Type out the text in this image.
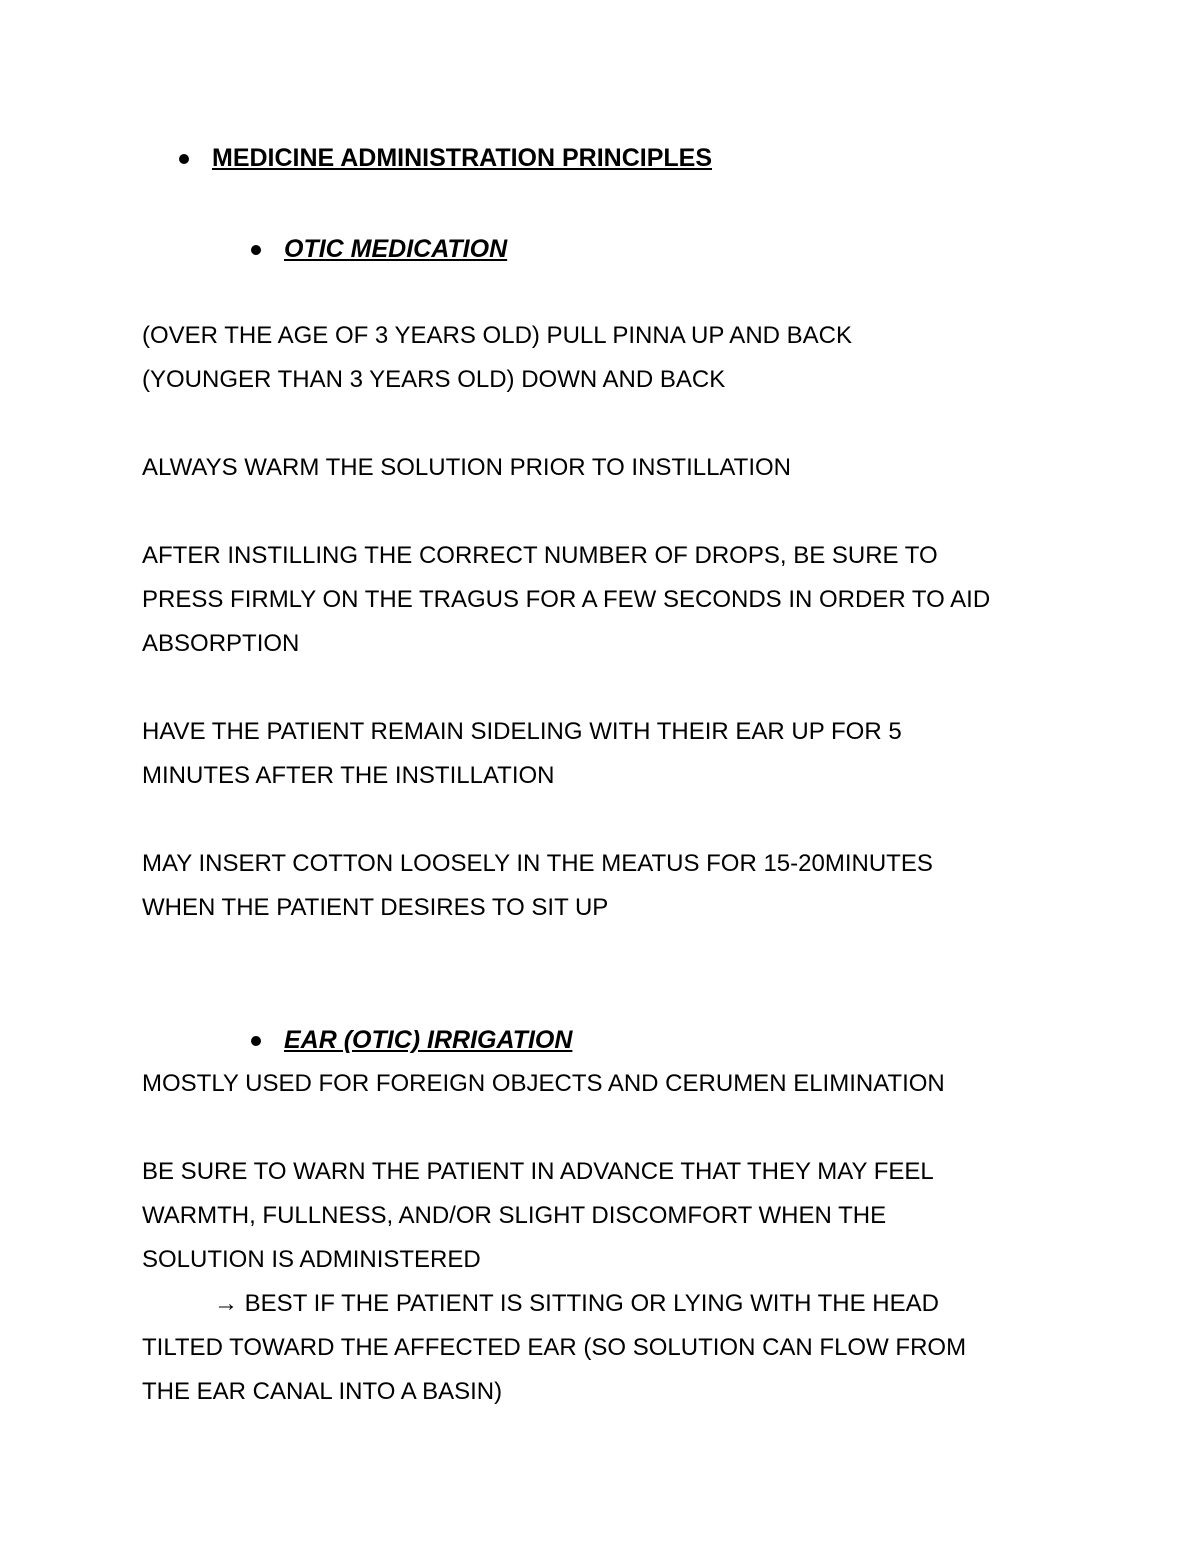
MEDICINE ADMINISTRATION PRINCIPLES
OTIC MEDICATION
(OVER THE AGE OF 3 YEARS OLD) PULL PINNA UP AND BACK
(YOUNGER THAN 3 YEARS OLD) DOWN AND BACK
ALWAYS WARM THE SOLUTION PRIOR TO INSTILLATION
AFTER INSTILLING THE CORRECT NUMBER OF DROPS, BE SURE TO
PRESS FIRMLY ON THE TRAGUS FOR A FEW SECONDS IN ORDER TO AID
ABSORPTION
HAVE THE PATIENT REMAIN SIDELING WITH THEIR EAR UP FOR 5
MINUTES AFTER THE INSTILLATION
MAY INSERT COTTON LOOSELY IN THE MEATUS FOR 15-20MINUTES
WHEN THE PATIENT DESIRES TO SIT UP
EAR (OTIC) IRRIGATION
MOSTLY USED FOR FOREIGN OBJECTS AND CERUMEN ELIMINATION
BE SURE TO WARN THE PATIENT IN ADVANCE THAT THEY MAY FEEL
WARMTH, FULLNESS, AND/OR SLIGHT DISCOMFORT WHEN THE
SOLUTION IS ADMINISTERED
→ BEST IF THE PATIENT IS SITTING OR LYING WITH THE HEAD
TILTED TOWARD THE AFFECTED EAR (SO SOLUTION CAN FLOW FROM
THE EAR CANAL INTO A BASIN)
